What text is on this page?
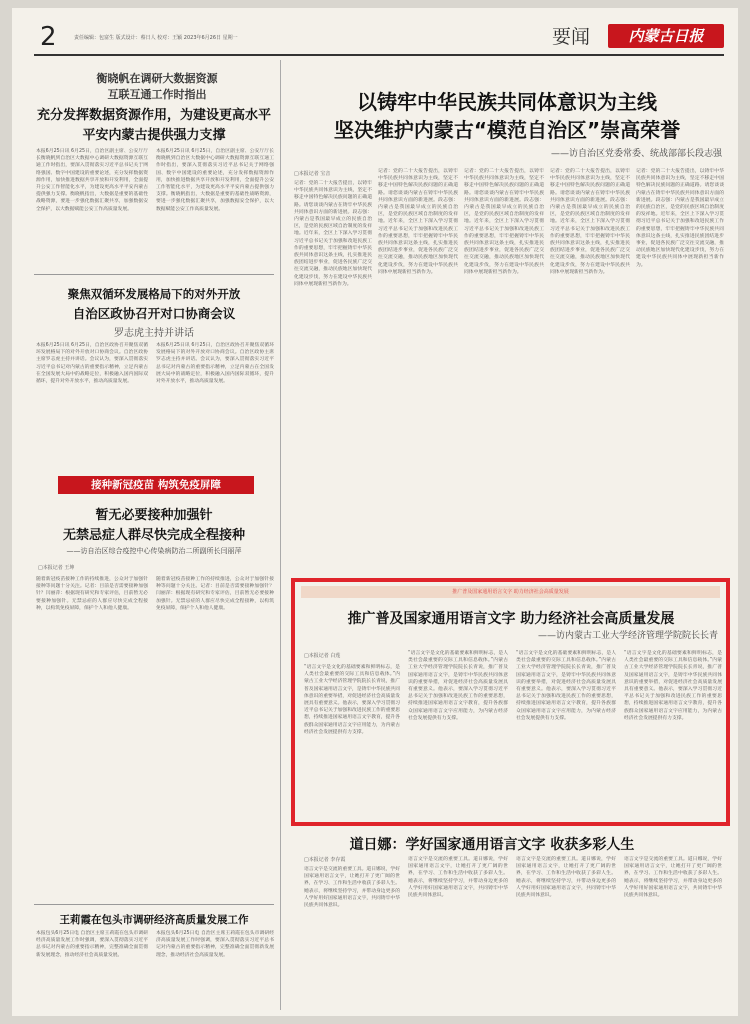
2	责任编辑：包富生 版式设计：蔡日人 校对：王颖 2023年6月26日 星期一	要闻	内蒙古日报
衡晓帆在调研大数据资源
互联互通工作时指出
充分发挥数据资源作用，为建设更高水平
平安内蒙古提供强力支撑
本报6月25日讯 6月25日，自治区副主席、公安厅厅长衡晓帆到自治区大数据中心调研大数据资源互联互通工作时指出，要深入贯彻落实习近平总书记关于网络强国、数字中国建设的重要论述，充分发挥数据资源作用，加快推进数据共享开放和开发利用，全面提升公安工作智能化水平，为建设更高水平平安内蒙古提供强力支撑。衡晓帆指出，大数据是重要的基础性战略资源，要进一步强化数据汇聚共享，加强数据安全保护，以大数据赋能公安工作高质量发展。
本报6月25日讯 6月25日，自治区副主席、公安厅厅长衡晓帆到自治区大数据中心调研大数据资源互联互通工作时指出，要深入贯彻落实习近平总书记关于网络强国、数字中国建设的重要论述，充分发挥数据资源作用，加快推进数据共享开放和开发利用，全面提升公安工作智能化水平，为建设更高水平平安内蒙古提供强力支撑。衡晓帆指出，大数据是重要的基础性战略资源，要进一步强化数据汇聚共享，加强数据安全保护，以大数据赋能公安工作高质量发展。
以铸牢中华民族共同体意识为主线
坚决维护内蒙古“模范自治区”崇高荣誉
——访自治区党委常委、统战部部长段志强
□本报记者 宝音
记者：党的二十大报告提出，以铸牢中华民族共同体意识为主线，坚定不移走中国特色解决民族问题的正确道路。请您谈谈内蒙古在铸牢中华民族共同体意识方面的新进展。段志强：内蒙古是我国最早成立的民族自治区，是党的民族区域自治制度的发祥地。近年来，全区上下深入学习贯彻习近平总书记关于加强和改进民族工作的重要思想，牢牢把握铸牢中华民族共同体意识这条主线，扎实推进民族团结进步事业，促进各民族广泛交往交流交融，推动民族地区加快现代化建设步伐，努力在建设中华民族共同体中展现新担当新作为。
记者：党的二十大报告提出，以铸牢中华民族共同体意识为主线，坚定不移走中国特色解决民族问题的正确道路。请您谈谈内蒙古在铸牢中华民族共同体意识方面的新进展。段志强：内蒙古是我国最早成立的民族自治区，是党的民族区域自治制度的发祥地。近年来，全区上下深入学习贯彻习近平总书记关于加强和改进民族工作的重要思想，牢牢把握铸牢中华民族共同体意识这条主线，扎实推进民族团结进步事业，促进各民族广泛交往交流交融，推动民族地区加快现代化建设步伐，努力在建设中华民族共同体中展现新担当新作为。
记者：党的二十大报告提出，以铸牢中华民族共同体意识为主线，坚定不移走中国特色解决民族问题的正确道路。请您谈谈内蒙古在铸牢中华民族共同体意识方面的新进展。段志强：内蒙古是我国最早成立的民族自治区，是党的民族区域自治制度的发祥地。近年来，全区上下深入学习贯彻习近平总书记关于加强和改进民族工作的重要思想，牢牢把握铸牢中华民族共同体意识这条主线，扎实推进民族团结进步事业，促进各民族广泛交往交流交融，推动民族地区加快现代化建设步伐，努力在建设中华民族共同体中展现新担当新作为。
记者：党的二十大报告提出，以铸牢中华民族共同体意识为主线，坚定不移走中国特色解决民族问题的正确道路。请您谈谈内蒙古在铸牢中华民族共同体意识方面的新进展。段志强：内蒙古是我国最早成立的民族自治区，是党的民族区域自治制度的发祥地。近年来，全区上下深入学习贯彻习近平总书记关于加强和改进民族工作的重要思想，牢牢把握铸牢中华民族共同体意识这条主线，扎实推进民族团结进步事业，促进各民族广泛交往交流交融，推动民族地区加快现代化建设步伐，努力在建设中华民族共同体中展现新担当新作为。
记者：党的二十大报告提出，以铸牢中华民族共同体意识为主线，坚定不移走中国特色解决民族问题的正确道路。请您谈谈内蒙古在铸牢中华民族共同体意识方面的新进展。段志强：内蒙古是我国最早成立的民族自治区，是党的民族区域自治制度的发祥地。近年来，全区上下深入学习贯彻习近平总书记关于加强和改进民族工作的重要思想，牢牢把握铸牢中华民族共同体意识这条主线，扎实推进民族团结进步事业，促进各民族广泛交往交流交融，推动民族地区加快现代化建设步伐，努力在建设中华民族共同体中展现新担当新作为。
聚焦双循环发展格局下的对外开放
自治区政协召开对口协商会议
罗志虎主持并讲话
本报6月25日讯 6月25日，自治区政协召开聚焦双循环发展格局下的对外开放对口协商会议。自治区政协主席罗志虎主持并讲话。会议认为，要深入贯彻落实习近平总书记对内蒙古的重要指示精神，立足内蒙古在全国发展大局中的战略定位，积极融入国内国际双循环，提升对外开放水平，推动高质量发展。
本报6月25日讯 6月25日，自治区政协召开聚焦双循环发展格局下的对外开放对口协商会议。自治区政协主席罗志虎主持并讲话。会议认为，要深入贯彻落实习近平总书记对内蒙古的重要指示精神，立足内蒙古在全国发展大局中的战略定位，积极融入国内国际双循环，提升对外开放水平，推动高质量发展。
接种新冠疫苗 构筑免疫屏障
暂无必要接种加强针
无禁忌症人群尽快完成全程接种
——访自治区综合疫控中心传染病防治二所副所长闫丽萍
□本报记者 王坤
随着新冠疫苗接种工作的持续推进，公众对于加强针接种等问题十分关注。记者：目前是否需要接种加强针？闫丽萍：根据现有研究和专家评估，目前暂无必要接种加强针。无禁忌症的人群应尽快完成全程接种，以构筑免疫屏障，保护个人和他人健康。
随着新冠疫苗接种工作的持续推进，公众对于加强针接种等问题十分关注。记者：目前是否需要接种加强针？闫丽萍：根据现有研究和专家评估，目前暂无必要接种加强针。无禁忌症的人群应尽快完成全程接种，以构筑免疫屏障，保护个人和他人健康。
推广普及国家通用语言文字 助力经济社会高质量发展
推广普及国家通用语言文字 助力经济社会高质量发展
——访内蒙古工业大学经济管理学院院长长青
□本报记者 白莲
“语言文字是文化的基础要素和鲜明标志，是人类社会最重要的交际工具和信息载体。”内蒙古工业大学经济管理学院院长长青说，推广普及国家通用语言文字，是铸牢中华民族共同体意识的重要举措，对促进经济社会高质量发展具有重要意义。他表示，要深入学习贯彻习近平总书记关于加强和改进民族工作的重要思想，持续推进国家通用语言文字教育，提升各族群众国家通用语言文字应用能力，为内蒙古经济社会发展提供有力支撑。
“语言文字是文化的基础要素和鲜明标志，是人类社会最重要的交际工具和信息载体。”内蒙古工业大学经济管理学院院长长青说，推广普及国家通用语言文字，是铸牢中华民族共同体意识的重要举措，对促进经济社会高质量发展具有重要意义。他表示，要深入学习贯彻习近平总书记关于加强和改进民族工作的重要思想，持续推进国家通用语言文字教育，提升各族群众国家通用语言文字应用能力，为内蒙古经济社会发展提供有力支撑。
“语言文字是文化的基础要素和鲜明标志，是人类社会最重要的交际工具和信息载体。”内蒙古工业大学经济管理学院院长长青说，推广普及国家通用语言文字，是铸牢中华民族共同体意识的重要举措，对促进经济社会高质量发展具有重要意义。他表示，要深入学习贯彻习近平总书记关于加强和改进民族工作的重要思想，持续推进国家通用语言文字教育，提升各族群众国家通用语言文字应用能力，为内蒙古经济社会发展提供有力支撑。
“语言文字是文化的基础要素和鲜明标志，是人类社会最重要的交际工具和信息载体。”内蒙古工业大学经济管理学院院长长青说，推广普及国家通用语言文字，是铸牢中华民族共同体意识的重要举措，对促进经济社会高质量发展具有重要意义。他表示，要深入学习贯彻习近平总书记关于加强和改进民族工作的重要思想，持续推进国家通用语言文字教育，提升各族群众国家通用语言文字应用能力，为内蒙古经济社会发展提供有力支撑。
道日娜：学好国家通用语言文字 收获多彩人生
□本报记者 李存霞
语言文字是交流的重要工具。道日娜说，学好国家通用语言文字，让她打开了更广阔的世界，在学习、工作和生活中收获了多彩人生。她表示，将继续坚持学习，并带动身边更多的人学好用好国家通用语言文字，共同铸牢中华民族共同体意识。
语言文字是交流的重要工具。道日娜说，学好国家通用语言文字，让她打开了更广阔的世界，在学习、工作和生活中收获了多彩人生。她表示，将继续坚持学习，并带动身边更多的人学好用好国家通用语言文字，共同铸牢中华民族共同体意识。
语言文字是交流的重要工具。道日娜说，学好国家通用语言文字，让她打开了更广阔的世界，在学习、工作和生活中收获了多彩人生。她表示，将继续坚持学习，并带动身边更多的人学好用好国家通用语言文字，共同铸牢中华民族共同体意识。
语言文字是交流的重要工具。道日娜说，学好国家通用语言文字，让她打开了更广阔的世界，在学习、工作和生活中收获了多彩人生。她表示，将继续坚持学习，并带动身边更多的人学好用好国家通用语言文字，共同铸牢中华民族共同体意识。
王莉霞在包头市调研经济高质量发展工作
本报包头6月25日电 自治区主席王莉霞在包头市调研经济高质量发展工作时强调，要深入贯彻落实习近平总书记对内蒙古的重要指示精神，完整准确全面贯彻新发展理念，推动经济社会高质量发展。
本报包头6月25日电 自治区主席王莉霞在包头市调研经济高质量发展工作时强调，要深入贯彻落实习近平总书记对内蒙古的重要指示精神，完整准确全面贯彻新发展理念，推动经济社会高质量发展。
